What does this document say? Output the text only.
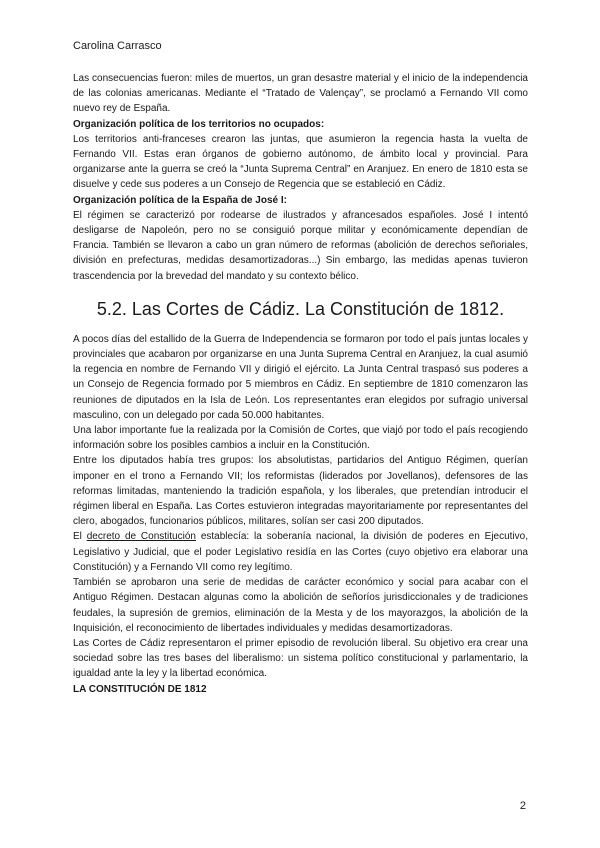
Carolina Carrasco

Las consecuencias fueron: miles de muertos, un gran desastre material y el inicio de la independencia de las colonias americanas. Mediante el “Tratado de Valençay”, se proclamó a Fernando VII como nuevo rey de España.

Organización política de los territorios no ocupados:

Los territorios anti-franceses crearon las juntas, que asumieron la regencia hasta la vuelta de Fernando VII. Estas eran órganos de gobierno autónomo, de ámbito local y provincial. Para organizarse ante la guerra se creó la “Junta Suprema Central” en Aranjuez. En enero de 1810 esta se disuelve y cede sus poderes a un Consejo de Regencia que se estableció en Cádiz.

Organización política de la España de José I:

El régimen se caracterizó por rodearse de ilustrados y afrancesados españoles. José I intentó desligarse de Napoleón, pero no se consiguió porque militar y económicamente dependían de Francia. También se llevaron a cabo un gran número de reformas (abolición de derechos señoriales, división en prefecturas, medidas desamortizadoras...) Sin embargo, las medidas apenas tuvieron trascendencia por la brevedad del mandato y su contexto bélico.

5.2. Las Cortes de Cádiz. La Constitución de 1812.

A pocos días del estallido de la Guerra de Independencia se formaron por todo el país juntas locales y provinciales que acabaron por organizarse en una Junta Suprema Central en Aranjuez, la cual asumió la regencia en nombre de Fernando VII y dirigió el ejército. La Junta Central traspasó sus poderes a un Consejo de Regencia formado por 5 miembros en Cádiz. En septiembre de 1810 comenzaron las reuniones de diputados en la Isla de León. Los representantes eran elegidos por sufragio universal masculino, con un delegado por cada 50.000 habitantes.

Una labor importante fue la realizada por la Comisión de Cortes, que viajó por todo el país recogiendo información sobre los posibles cambios a incluir en la Constitución.

Entre los diputados había tres grupos: los absolutistas, partidarios del Antiguo Régimen, querían imponer en el trono a Fernando VII; los reformistas (liderados por Jovellanos), defensores de las reformas limitadas, manteniendo la tradición española, y los liberales, que pretendían introducir el régimen liberal en España. Las Cortes estuvieron integradas mayoritariamente por representantes del clero, abogados, funcionarios públicos, militares, solían ser casi 200 diputados.

El decreto de Constitución establecía: la soberanía nacional, la división de poderes en Ejecutivo, Legislativo y Judicial, que el poder Legislativo residía en las Cortes (cuyo objetivo era elaborar una Constitución) y a Fernando VII como rey legítimo.

También se aprobaron una serie de medidas de carácter económico y social para acabar con el Antiguo Régimen. Destacan algunas como la abolición de señoríos jurisdiccionales y de tradiciones feudales, la supresión de gremios, eliminación de la Mesta y de los mayorazgos, la abolición de la Inquisición, el reconocimiento de libertades individuales y medidas desamortizadoras.

Las Cortes de Cádiz representaron el primer episodio de revolución liberal. Su objetivo era crear una sociedad sobre las tres bases del liberalismo: un sistema político constitucional y parlamentario, la igualdad ante la ley y la libertad económica.

LA CONSTITUCIÓN DE 1812
2
